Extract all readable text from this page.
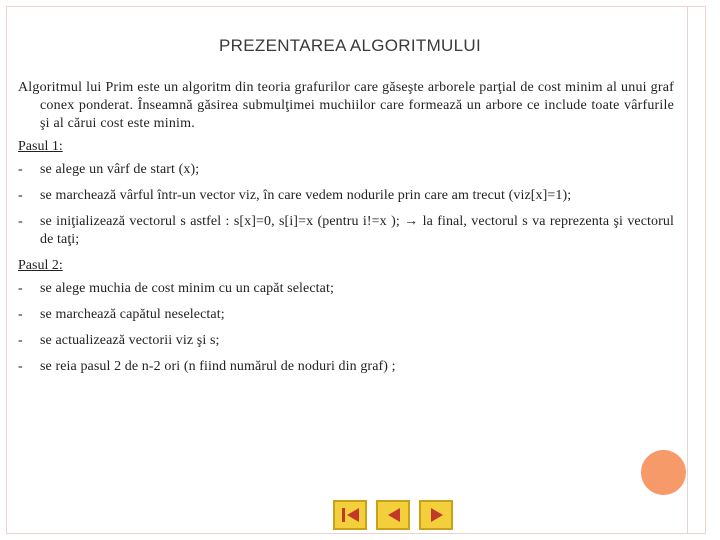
PREZENTAREA ALGORITMULUI

Algoritmul lui Prim este un algoritm din teoria grafurilor care găseşte arborele parţial de cost minim al unui graf conex ponderat. Înseamnă găsirea submulţimei muchiilor care formează un arbore ce include toate vârfurile şi al cărui cost este minim.

Pasul 1:
- se alege un vârf de start (x);
- se marchează vârful într-un vector viz, în care vedem nodurile prin care am trecut (viz[x]=1);
- se iniţializează vectorul s astfel : s[x]=0, s[i]=x (pentru i!=x ); → la final, vectorul s va reprezenta şi vectorul de taţi;
Pasul 2:
- se alege muchia de cost minim cu un capăt selectat;
- se marchează capătul neselectat;
- se actualizează vectorii viz şi s;
- se reia pasul 2 de n-2 ori (n fiind numărul de noduri din graf) ;
